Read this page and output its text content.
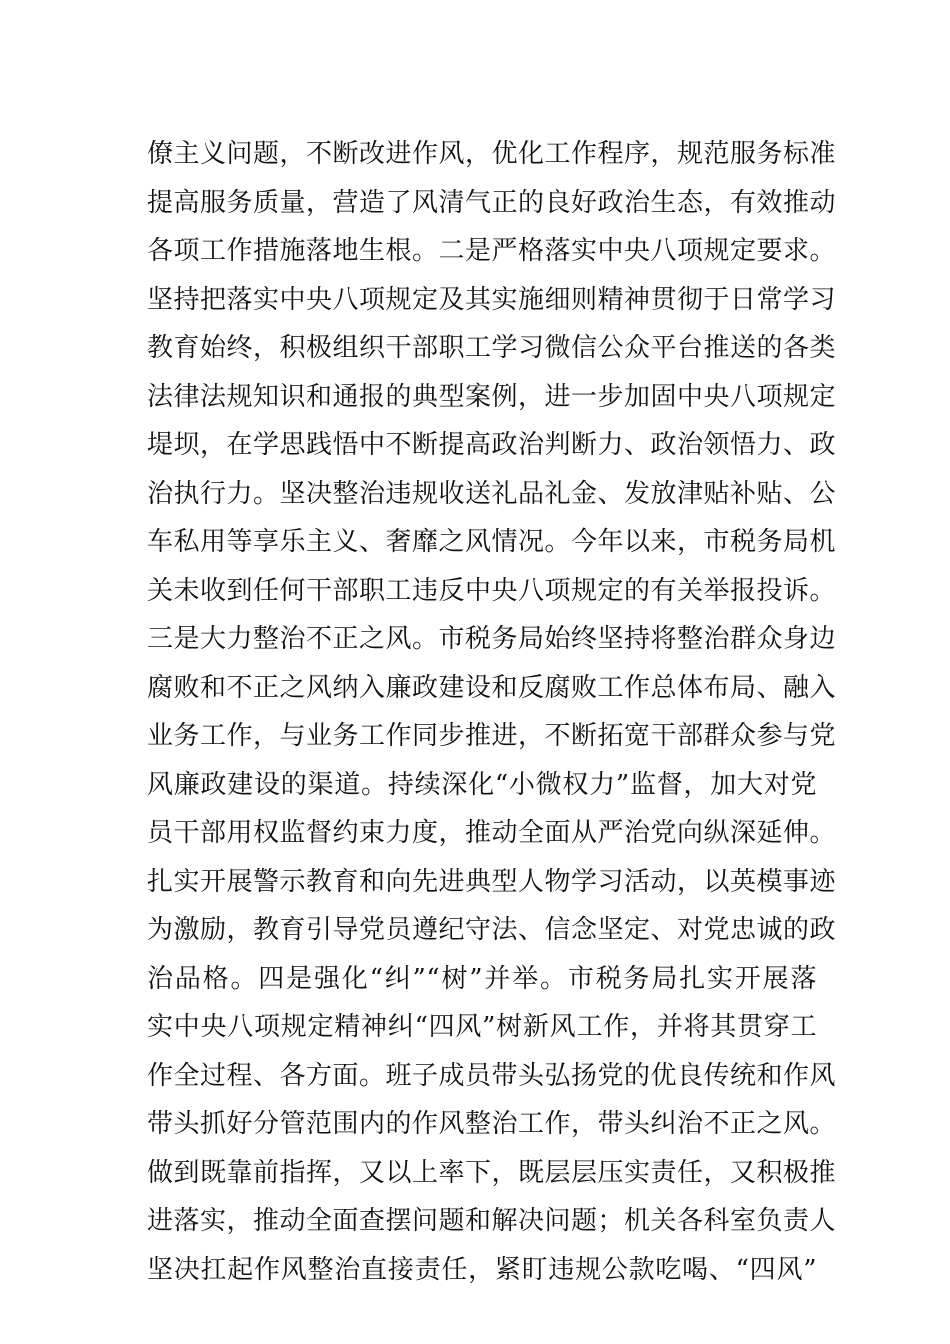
僚主义问题，不断改进作风，优化工作程序，规范服务标准
提高服务质量，营造了风清气正的良好政治生态，有效推动
各项工作措施落地生根。二是严格落实中央八项规定要求。
坚持把落实中央八项规定及其实施细则精神贯彻于日常学习
教育始终，积极组织干部职工学习微信公众平台推送的各类
法律法规知识和通报的典型案例，进一步加固中央八项规定
堤坝，在学思践悟中不断提高政治判断力、政治领悟力、政
治执行力。坚决整治违规收送礼品礼金、发放津贴补贴、公
车私用等享乐主义、奢靡之风情况。今年以来，市税务局机
关未收到任何干部职工违反中央八项规定的有关举报投诉。
三是大力整治不正之风。市税务局始终坚持将整治群众身边
腐败和不正之风纳入廉政建设和反腐败工作总体布局、融入
业务工作，与业务工作同步推进，不断拓宽干部群众参与党
风廉政建设的渠道。持续深化“小微权力”监督，加大对党
员干部用权监督约束力度，推动全面从严治党向纵深延伸。
扎实开展警示教育和向先进典型人物学习活动，以英模事迹
为激励，教育引导党员遵纪守法、信念坚定、对党忠诚的政
治品格。四是强化“纠”“树”并举。市税务局扎实开展落
实中央八项规定精神纠“四风”树新风工作，并将其贯穿工
作全过程、各方面。班子成员带头弘扬党的优良传统和作风
带头抓好分管范围内的作风整治工作，带头纠治不正之风。
做到既靠前指挥，又以上率下，既层层压实责任，又积极推
进落实，推动全面查摆问题和解决问题；机关各科室负责人
坚决扛起作风整治直接责任，紧盯违规公款吃喝、“四风”
